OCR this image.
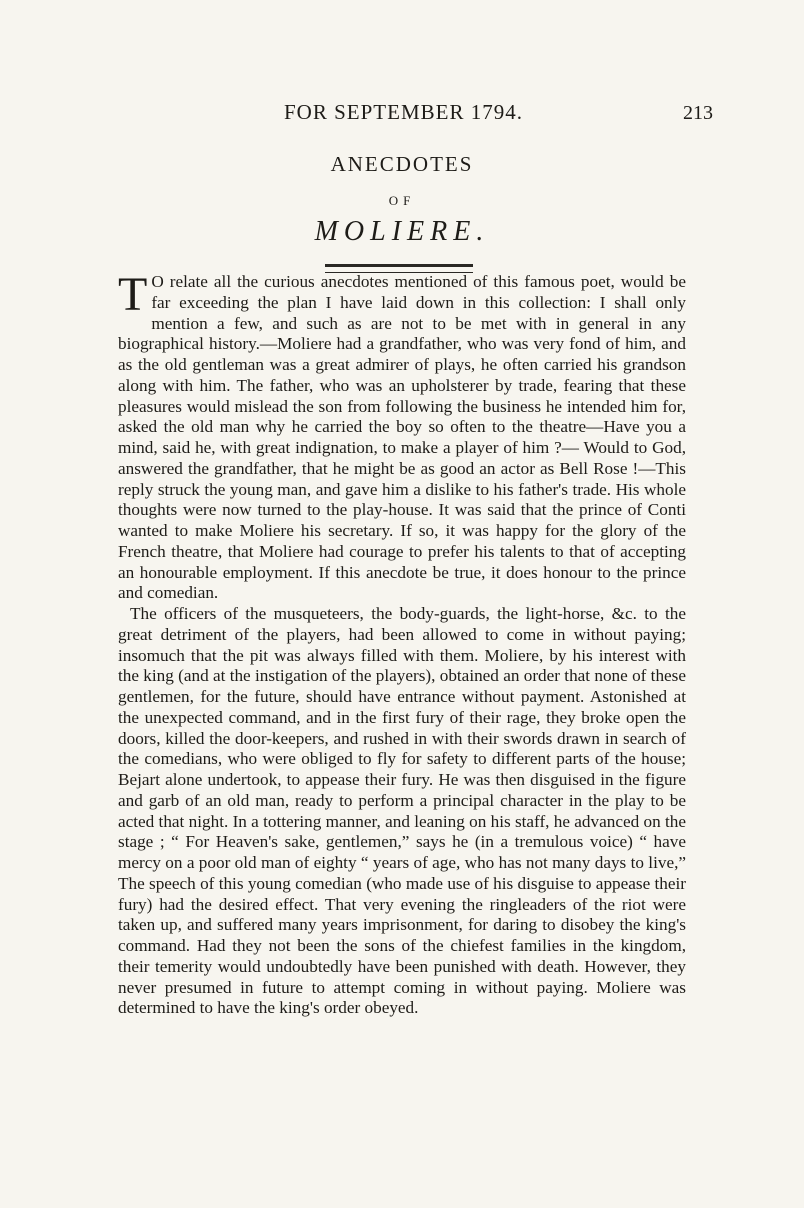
FOR SEPTEMBER 1794.	213
ANECDOTES
OF
MOLIERE.

T O relate all the curious anecdotes mentioned of this famous poet, would be far exceeding the plan I have laid down in this collection: I shall only mention a few, and such as are not to be met with in general in any biographical history.—Moliere had a grandfather, who was very fond of him, and as the old gentleman was a great admirer of plays, he often carried his grandson along with him. The father, who was an upholsterer by trade, fearing that these pleasures would mislead the son from following the business he intended him for, asked the old man why he carried the boy so often to the theatre—Have you a mind, said he, with great indignation, to make a player of him ?— Would to God, answered the grandfather, that he might be as good an actor as Bell Rose !—This reply struck the young man, and gave him a dislike to his father's trade. His whole thoughts were now turned to the play-house. It was said that the prince of Conti wanted to make Moliere his secretary. If so, it was happy for the glory of the French theatre, that Moliere had courage to prefer his talents to that of accepting an honourable employment. If this anecdote be true, it does honour to the prince and comedian.

The officers of the musqueteers, the body-guards, the light-horse, &c. to the great detriment of the players, had been allowed to come in without paying; insomuch that the pit was always filled with them. Moliere, by his interest with the king (and at the instigation of the players), obtained an order that none of these gentlemen, for the future, should have entrance without payment. Astonished at the unexpected command, and in the first fury of their rage, they broke open the doors, killed the door-keepers, and rushed in with their swords drawn in search of the comedians, who were obliged to fly for safety to different parts of the house; Bejart alone undertook, to appease their fury. He was then disguised in the figure and garb of an old man, ready to perform a principal character in the play to be acted that night. In a tottering manner, and leaning on his staff, he advanced on the stage ; “ For Heaven's sake, gentlemen,” says he (in a tremulous voice) “ have mercy on a poor old man of eighty “ years of age, who has not many days to live,” The speech of this young comedian (who made use of his disguise to appease their fury) had the desired effect. That very evening the ringleaders of the riot were taken up, and suffered many years imprisonment, for daring to disobey the king's command. Had they not been the sons of the chiefest families in the kingdom, their temerity would undoubtedly have been punished with death. However, they never presumed in future to attempt coming in without paying. Moliere was determined to have the king's order obeyed.
